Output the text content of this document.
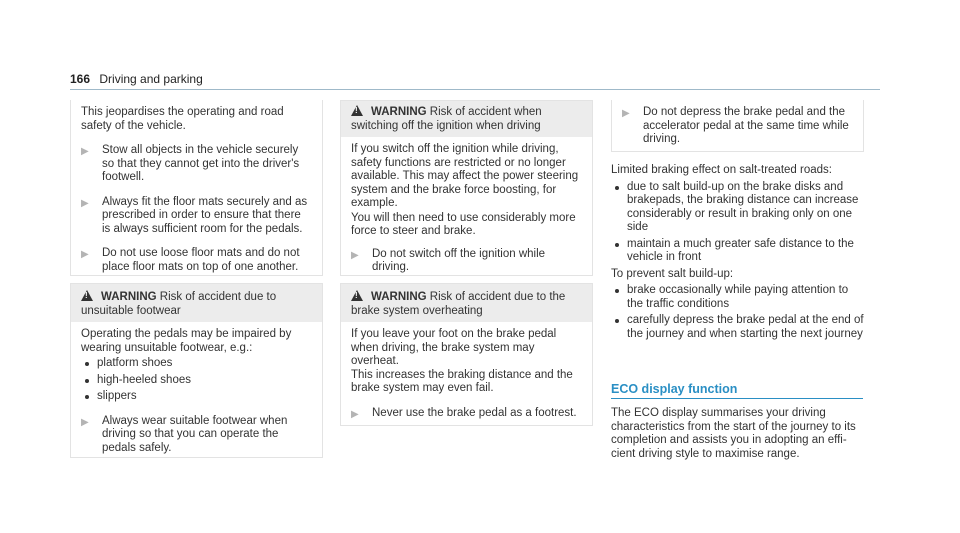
166 Driving and parking

This jeopardises the operating and road safety of the vehicle.

▶ Stow all objects in the vehicle securely so that they cannot get into the driver's footwell.
▶ Always fit the floor mats securely and as prescribed in order to ensure that there is always sufficient room for the pedals.
▶ Do not use loose floor mats and do not place floor mats on top of one another.
!WARNING Risk of accident due to unsuitable footwear

Operating the pedals may be impaired by wearing unsuitable footwear, e.g.:

platform shoes
high-heeled shoes
slippers
▶ Always wear suitable footwear when driving so that you can operate the pedals safely.
!WARNING Risk of accident when switching off the ignition when driving

If you switch off the ignition while driving, safety functions are restricted or no longer available. This may affect the power steering system and the brake force boosting, for example.

You will then need to use considerably more force to steer and brake.

▶ Do not switch off the ignition while driving.
!WARNING Risk of accident due to the brake system overheating

If you leave your foot on the brake pedal when driving, the brake system may overheat.

This increases the braking distance and the brake system may even fail.

▶ Never use the brake pedal as a footrest.
▶ Do not depress the brake pedal and the accelerator pedal at the same time while driving.

Limited braking effect on salt-treated roads:

due to salt build-up on the brake disks and brakepads, the braking distance can increase considerably or result in braking only on one side
maintain a much greater safe distance to the vehicle in front

To prevent salt build-up:

brake occasionally while paying attention to the traffic conditions
carefully depress the brake pedal at the end of the journey and when starting the next journey
ECO display function

The ECO display summarises your driving characteristics from the start of the journey to its completion and assists you in adopting an efficient driving style to maximise range.
